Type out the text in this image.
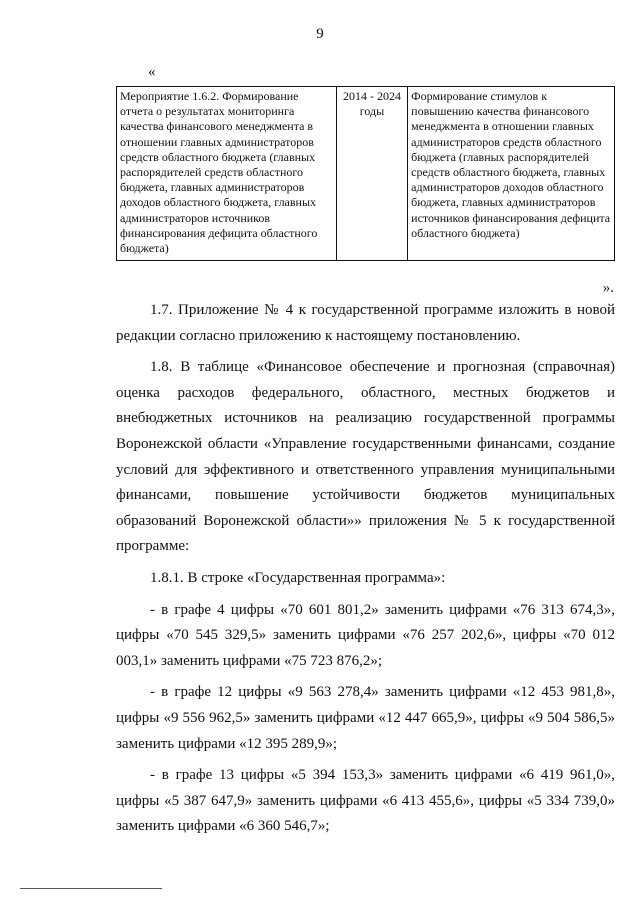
9
«
Мероприятие 1.6.2. Формирование отчета о результатах мониторинга качества финансового менеджмента в отношении главных администраторов средств областного бюджета (главных распорядителей средств областного бюджета, главных администраторов доходов областного бюджета, главных администраторов источников финансирования дефицита областного бюджета)	2014 - 2024 годы	Формирование стимулов к повышению качества финансового менеджмента в отношении главных администраторов средств областного бюджета (главных распорядителей средств областного бюджета, главных администраторов доходов областного бюджета, главных администраторов источников финансирования дефицита областного бюджета)
».

1.7. Приложение № 4 к государственной программе изложить в новой редакции согласно приложению к настоящему постановлению.

1.8. В таблице «Финансовое обеспечение и прогнозная (справочная) оценка расходов федерального, областного, местных бюджетов и внебюджетных источников на реализацию государственной программы Воронежской области «Управление государственными финансами, создание условий для эффективного и ответственного управления муниципальными финансами, повышение устойчивости бюджетов муниципальных образований Воронежской области»» приложения № 5 к государственной программе:

1.8.1. В строке «Государственная программа»:

- в графе 4 цифры «70 601 801,2» заменить цифрами «76 313 674,3», цифры «70 545 329,5» заменить цифрами «76 257 202,6», цифры «70 012 003,1» заменить цифрами «75 723 876,2»;

- в графе 12 цифры «9 563 278,4» заменить цифрами «12 453 981,8», цифры «9 556 962,5» заменить цифрами «12 447 665,9», цифры «9 504 586,5» заменить цифрами «12 395 289,9»;

- в графе 13 цифры «5 394 153,3» заменить цифрами «6 419 961,0», цифры «5 387 647,9» заменить цифрами «6 413 455,6», цифры «5 334 739,0» заменить цифрами «6 360 546,7»;
